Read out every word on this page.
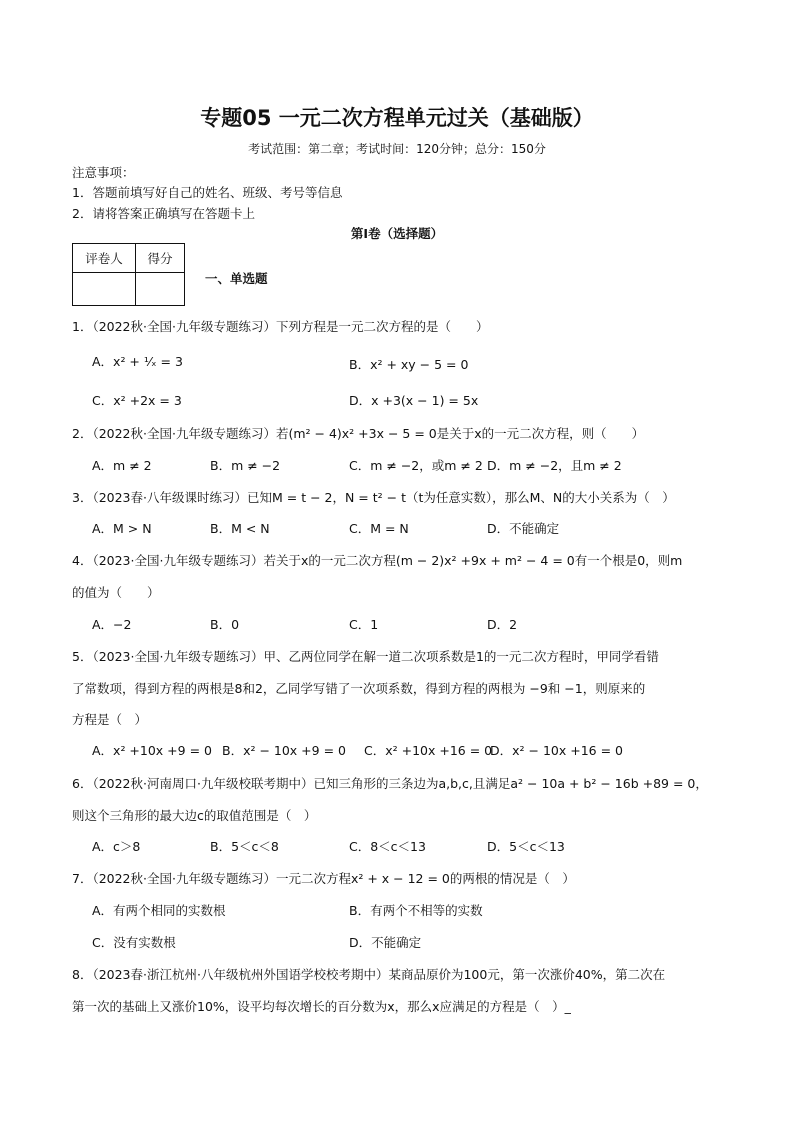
专题05 一元二次方程单元过关（基础版）
考试范围：第二章；考试时间：120分钟；总分：150分
注意事项：
1．答题前填写好自己的姓名、班级、考号等信息
2．请将答案正确填写在答题卡上
第I卷（选择题）
评卷人	得分

一、单选题
1．（2022秋·全国·九年级专题练习）下列方程是一元二次方程的是（　　）
A．x² + ¹⁄ₓ = 3	B．x² + xy − 5 = 0
C．x² +2x = 3	D．x +3(x − 1) = 5x
2．（2022秋·全国·九年级专题练习）若(m² − 4)x² +3x − 5 = 0是关于x的一元二次方程，则（　　）
A．m ≠ 2	B．m ≠ −2	C．m ≠ −2，或m ≠ 2 D．m ≠ −2，且m ≠ 2
3．（2023春·八年级课时练习）已知M = t − 2，N = t² − t（t为任意实数），那么M、N的大小关系为（　）
A．M > N	B．M < N	C．M = N	D．不能确定
4．（2023·全国·九年级专题练习）若关于x的一元二次方程(m − 2)x² +9x + m² − 4 = 0有一个根是0，则m
的值为（　　）
A．−2	B．0	C．1	D．2
5．（2023·全国·九年级专题练习）甲、乙两位同学在解一道二次项系数是1的一元二次方程时，甲同学看错
了常数项，得到方程的两根是8和2，乙同学写错了一次项系数，得到方程的两根为 −9和 −1，则原来的
方程是（　）
A．x² +10x +9 = 0 B．x² − 10x +9 = 0 C．x² +10x +16 = 0
D．x² − 10x +16 = 0
6．（2022秋·河南周口·九年级校联考期中）已知三角形的三条边为a,b,c,且满足a² − 10a + b² − 16b +89 = 0，
则这个三角形的最大边c的取值范围是（　）
A．c＞8	B．5＜c＜8	C．8＜c＜13	D．5＜c＜13
7．（2022秋·全国·九年级专题练习）一元二次方程x² + x − 12 = 0的两根的情况是（　）
A．有两个相同的实数根	B．有两个不相等的实数
C．没有实数根	D．不能确定
8．（2023春·浙江杭州·八年级杭州外国语学校校考期中）某商品原价为100元，第一次涨价40%，第二次在
第一次的基础上又涨价10%，设平均每次增长的百分数为x，那么x应满足的方程是（　）_
